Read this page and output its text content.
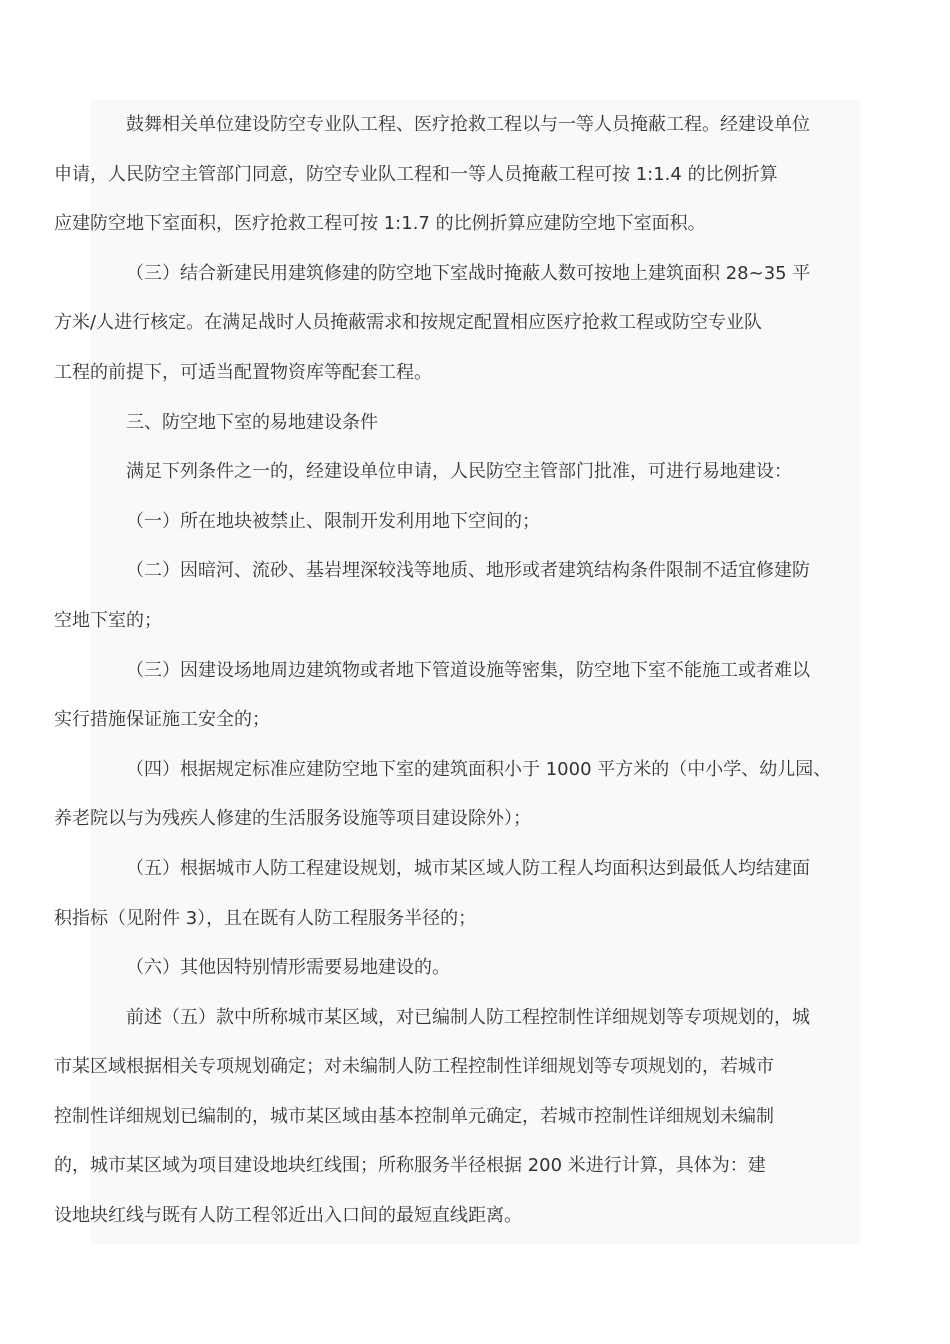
鼓舞相关单位建设防空专业队工程、医疗抢救工程以与一等人员掩蔽工程。经建设单位
申请，人民防空主管部门同意，防空专业队工程和一等人员掩蔽工程可按 1:1.4 的比例折算
应建防空地下室面积，医疗抢救工程可按 1:1.7 的比例折算应建防空地下室面积。

（三）结合新建民用建筑修建的防空地下室战时掩蔽人数可按地上建筑面积 28~35 平
方米/人进行核定。在满足战时人员掩蔽需求和按规定配置相应医疗抢救工程或防空专业队
工程的前提下，可适当配置物资库等配套工程。

三、防空地下室的易地建设条件

满足下列条件之一的，经建设单位申请，人民防空主管部门批准，可进行易地建设：

（一）所在地块被禁止、限制开发利用地下空间的；

（二）因暗河、流砂、基岩埋深较浅等地质、地形或者建筑结构条件限制不适宜修建防
空地下室的；

（三）因建设场地周边建筑物或者地下管道设施等密集，防空地下室不能施工或者难以
实行措施保证施工安全的；

（四）根据规定标准应建防空地下室的建筑面积小于 1000 平方米的（中小学、幼儿园、
养老院以与为残疾人修建的生活服务设施等项目建设除外）；

（五）根据城市人防工程建设规划，城市某区域人防工程人均面积达到最低人均结建面
积指标（见附件 3），且在既有人防工程服务半径的；

（六）其他因特别情形需要易地建设的。

前述（五）款中所称城市某区域，对已编制人防工程控制性详细规划等专项规划的，城
市某区域根据相关专项规划确定；对未编制人防工程控制性详细规划等专项规划的，若城市
控制性详细规划已编制的，城市某区域由基本控制单元确定，若城市控制性详细规划未编制
的，城市某区域为项目建设地块红线围；所称服务半径根据 200 米进行计算，具体为：建
设地块红线与既有人防工程邻近出入口间的最短直线距离。
